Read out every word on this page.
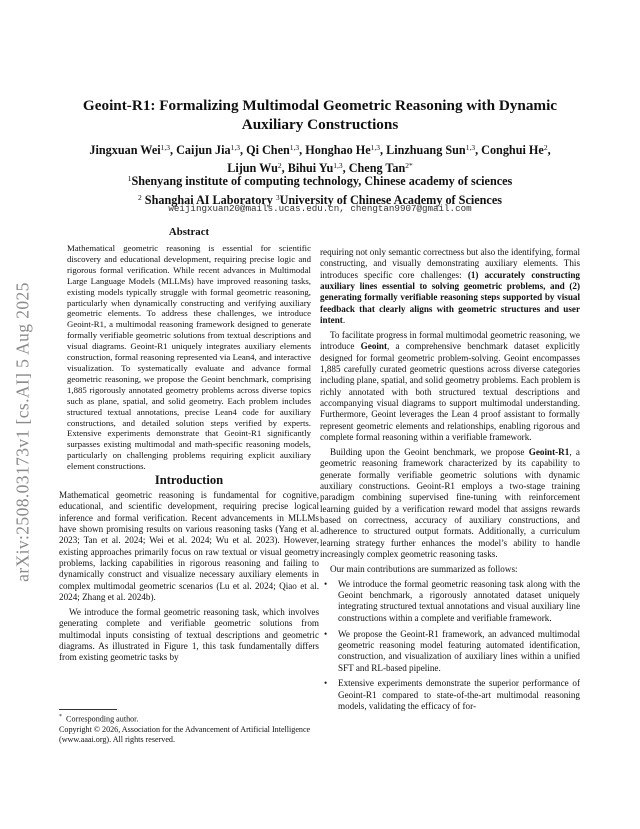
arXiv:2508.03173v1 [cs.AI] 5 Aug 2025
Geoint-R1: Formalizing Multimodal Geometric Reasoning with Dynamic Auxiliary Constructions
Jingxuan Wei$^{1,3}$, Caijun Jia$^{1,3}$, Qi Chen$^{1,3}$, Honghao He$^{1,3}$, Linzhuang Sun$^{1,3}$, Conghui He$^2$,
Lijun Wu$^2$, Bihui Yu$^{1,3}$, Cheng Tan$^{2*}$
$^1$Shenyang institute of computing technology, Chinese academy of sciences
$^2$ Shanghai AI Laboratory $^3$University of Chinese Academy of Sciences
weijingxuan20@mails.ucas.edu.cn, chengtan9907@gmail.com
Abstract

Mathematical geometric reasoning is essential for scientific discovery and educational development, requiring precise logic and rigorous formal verification. While recent advances in Multimodal Large Language Models (MLLMs) have improved reasoning tasks, existing models typically struggle with formal geometric reasoning, particularly when dynamically constructing and verifying auxiliary geometric elements. To address these challenges, we introduce Geoint-R1, a multimodal reasoning framework designed to generate formally verifiable geometric solutions from textual descriptions and visual diagrams. Geoint-R1 uniquely integrates auxiliary elements construction, formal reasoning represented via Lean4, and interactive visualization. To systematically evaluate and advance formal geometric reasoning, we propose the Geoint benchmark, comprising 1,885 rigorously annotated geometry problems across diverse topics such as plane, spatial, and solid geometry. Each problem includes structured textual annotations, precise Lean4 code for auxiliary constructions, and detailed solution steps verified by experts. Extensive experiments demonstrate that Geoint-R1 significantly surpasses existing multimodal and math-specific reasoning models, particularly on challenging problems requiring explicit auxiliary element constructions.

Introduction

Mathematical geometric reasoning is fundamental for cognitive, educational, and scientific development, requiring precise logical inference and formal verification. Recent advancements in MLLMs have shown promising results on various reasoning tasks (Yang et al. 2023; Tan et al. 2024; Wei et al. 2024; Wu et al. 2023). However, existing approaches primarily focus on raw textual or visual geometry problems, lacking capabilities in rigorous reasoning and failing to dynamically construct and visualize necessary auxiliary elements in complex multimodal geometric scenarios (Lu et al. 2024; Qiao et al. 2024; Zhang et al. 2024b).

We introduce the formal geometric reasoning task, which involves generating complete and verifiable geometric solutions from multimodal inputs consisting of textual descriptions and geometric diagrams. As illustrated in Figure 1, this task fundamentally differs from existing geometric tasks by

requiring not only semantic correctness but also the identifying, formal constructing, and visually demonstrating auxiliary elements. This introduces specific core challenges: (1) accurately constructing auxiliary lines essential to solving geometric problems, and (2) generating formally verifiable reasoning steps supported by visual feedback that clearly aligns with geometric structures and user intent.

To facilitate progress in formal multimodal geometric reasoning, we introduce Geoint, a comprehensive benchmark dataset explicitly designed for formal geometric problem-solving. Geoint encompasses 1,885 carefully curated geometric questions across diverse categories including plane, spatial, and solid geometry problems. Each problem is richly annotated with both structured textual descriptions and accompanying visual diagrams to support multimodal understanding. Furthermore, Geoint leverages the Lean 4 proof assistant to formally represent geometric elements and relationships, enabling rigorous and complete formal reasoning within a verifiable framework.

Building upon the Geoint benchmark, we propose Geoint-R1, a geometric reasoning framework characterized by its capability to generate formally verifiable geometric solutions with dynamic auxiliary constructions. Geoint-R1 employs a two-stage training paradigm combining supervised fine-tuning with reinforcement learning guided by a verification reward model that assigns rewards based on correctness, accuracy of auxiliary constructions, and adherence to structured output formats. Additionally, a curriculum learning strategy further enhances the model’s ability to handle increasingly complex geometric reasoning tasks.

Our main contributions are summarized as follows:

• We introduce the formal geometric reasoning task along with the Geoint benchmark, a rigorously annotated dataset uniquely integrating structured textual annotations and visual auxiliary line constructions within a complete and verifiable framework.
• We propose the Geoint-R1 framework, an advanced multimodal geometric reasoning model featuring automated identification, construction, and visualization of auxiliary lines within a unified SFT and RL-based pipeline.
• Extensive experiments demonstrate the superior performance of Geoint-R1 compared to state-of-the-art multimodal reasoning models, validating the efficacy of for-

* Corresponding author.

Copyright © 2026, Association for the Advancement of Artificial Intelligence (www.aaai.org). All rights reserved.
